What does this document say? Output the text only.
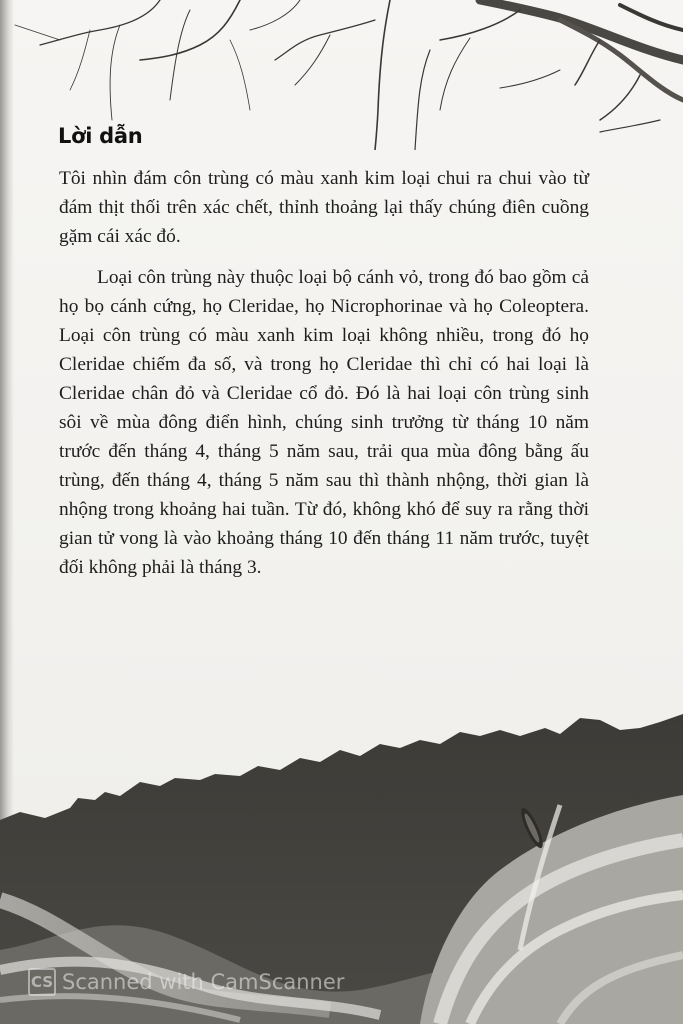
Lời dẫn

Tôi nhìn đám côn trùng có màu xanh kim loại chui ra chui vào từ đám thịt thối trên xác chết, thỉnh thoảng lại thấy chúng điên cuồng gặm cái xác đó.

Loại côn trùng này thuộc loại bộ cánh vỏ, trong đó bao gồm cả họ bọ cánh cứng, họ Cleridae, họ Nicrophorinae và họ Coleoptera. Loại côn trùng có màu xanh kim loại không nhiều, trong đó họ Cleridae chiếm đa số, và trong họ Cleridae thì chỉ có hai loại là Cleridae chân đỏ và Cleridae cổ đỏ. Đó là hai loại côn trùng sinh sôi về mùa đông điển hình, chúng sinh trưởng từ tháng 10 năm trước đến tháng 4, tháng 5 năm sau, trải qua mùa đông bằng ấu trùng, đến tháng 4, tháng 5 năm sau thì thành nhộng, thời gian là nhộng trong khoảng hai tuần. Từ đó, không khó để suy ra rằng thời gian tử vong là vào khoảng tháng 10 đến tháng 11 năm trước, tuyệt đối không phải là tháng 3.

CS Scanned with CamScanner
